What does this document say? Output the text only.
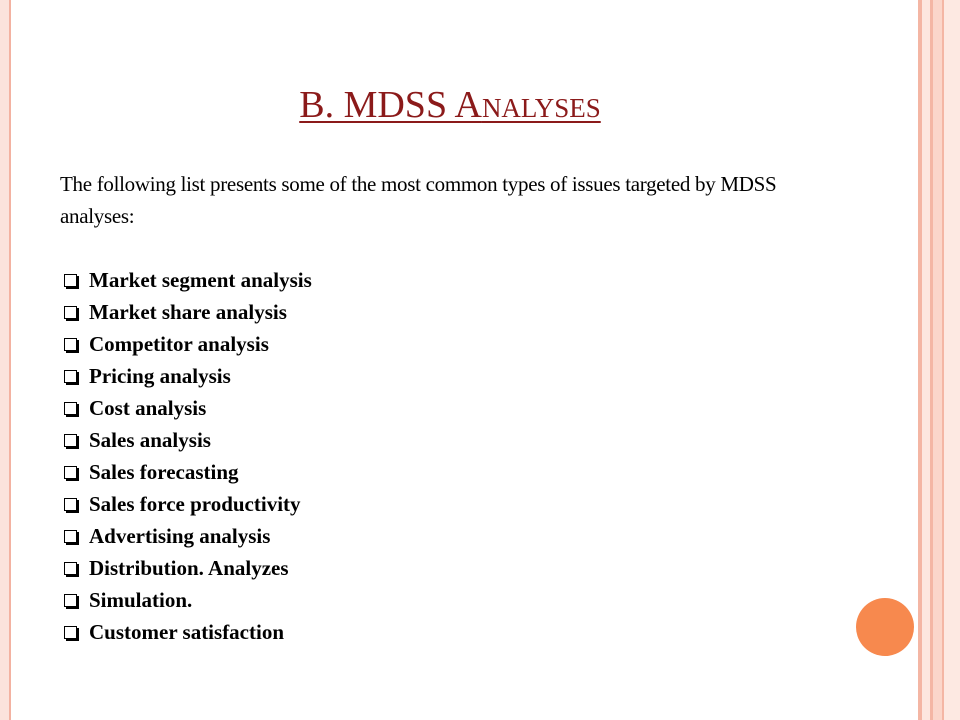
B. MDSS Analyses
The following list presents some of the most common types of issues targeted by MDSS analyses:
Market segment analysis
Market share analysis
Competitor analysis
Pricing analysis
Cost analysis
Sales analysis
Sales forecasting
Sales force productivity
Advertising analysis
Distribution. Analyzes
Simulation.
Customer satisfaction
